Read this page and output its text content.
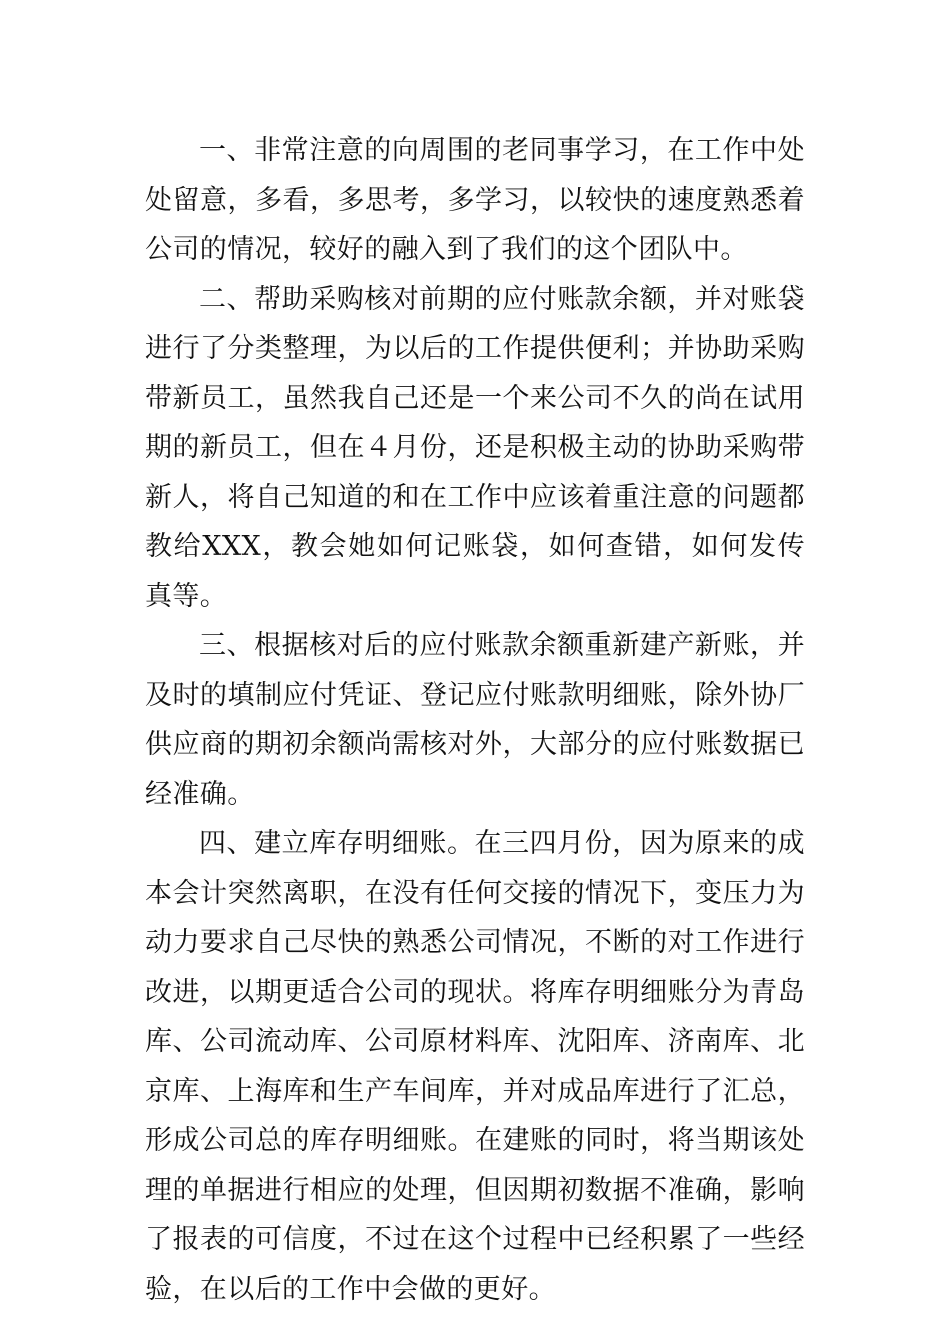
一、非常注意的向周围的老同事学习，在工作中处处留意，多看，多思考，多学习，以较快的速度熟悉着公司的情况，较好的融入到了我们的这个团队中。

二、帮助采购核对前期的应付账款余额，并对账袋进行了分类整理，为以后的工作提供便利；并协助采购带新员工，虽然我自己还是一个来公司不久的尚在试用期的新员工，但在４月份，还是积极主动的协助采购带新人，将自己知道的和在工作中应该着重注意的问题都教给XXX，教会她如何记账袋，如何查错，如何发传真等。

三、根据核对后的应付账款余额重新建产新账，并及时的填制应付凭证、登记应付账款明细账，除外协厂供应商的期初余额尚需核对外，大部分的应付账数据已经准确。

四、建立库存明细账。在三四月份，因为原来的成本会计突然离职，在没有任何交接的情况下，变压力为动力要求自己尽快的熟悉公司情况，不断的对工作进行改进，以期更适合公司的现状。将库存明细账分为青岛库、公司流动库、公司原材料库、沈阳库、济南库、北京库、上海库和生产车间库，并对成品库进行了汇总，形成公司总的库存明细账。在建账的同时，将当期该处理的单据进行相应的处理，但因期初数据不准确，影响了报表的可信度，不过在这个过程中已经积累了一些经验，在以后的工作中会做的更好。
